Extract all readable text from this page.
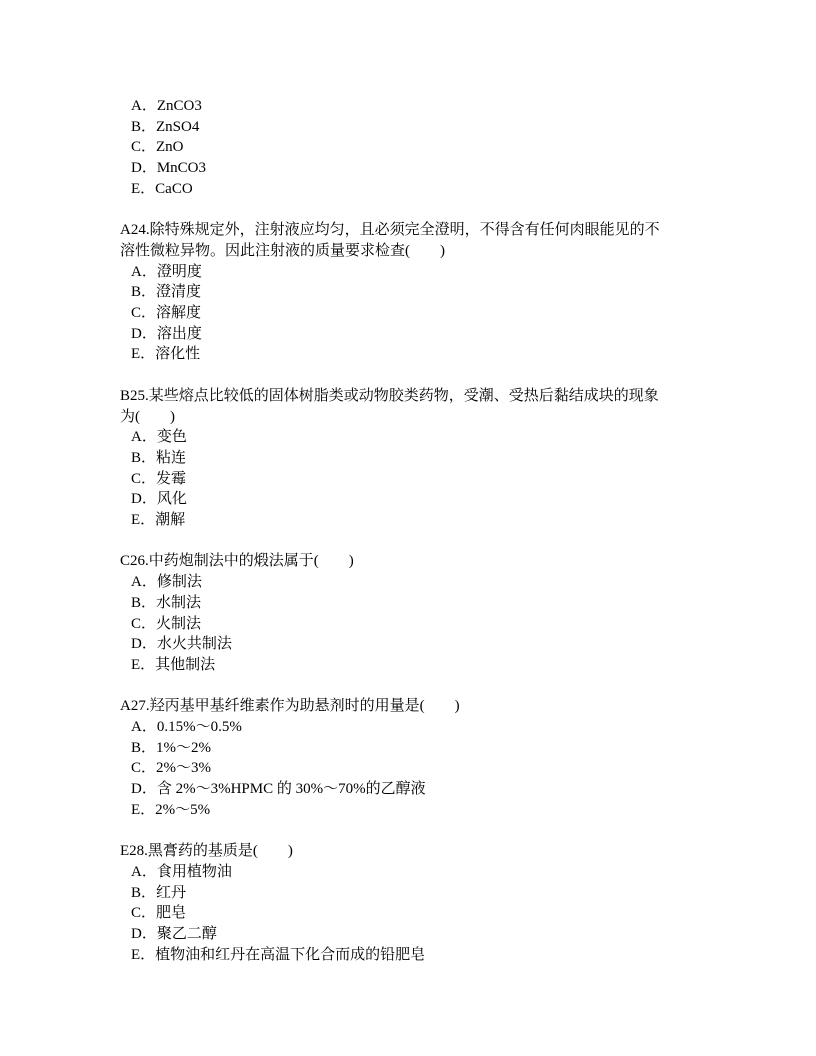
A．ZnCO3
B．ZnSO4
C．ZnO
D．MnCO3
E．CaCO
A24.除特殊规定外，注射液应均匀，且必须完全澄明，不得含有任何肉眼能见的不
溶性微粒异物。因此注射液的质量要求检查(　　)
A．澄明度
B．澄清度
C．溶解度
D．溶出度
E．溶化性
B25.某些熔点比较低的固体树脂类或动物胶类药物，受潮、受热后黏结成块的现象
为(　　)
A．变色
B．粘连
C．发霉
D．风化
E．潮解
C26.中药炮制法中的煅法属于(　　)
A．修制法
B．水制法
C．火制法
D．水火共制法
E．其他制法
A27.羟丙基甲基纤维素作为助悬剂时的用量是(　　)
A．0.15%～0.5%
B．1%～2%
C．2%～3%
D．含 2%～3%HPMC 的 30%～70%的乙醇液
E．2%～5%
E28.黑膏药的基质是(　　)
A．食用植物油
B．红丹
C．肥皂
D．聚乙二醇
E．植物油和红丹在高温下化合而成的铅肥皂
